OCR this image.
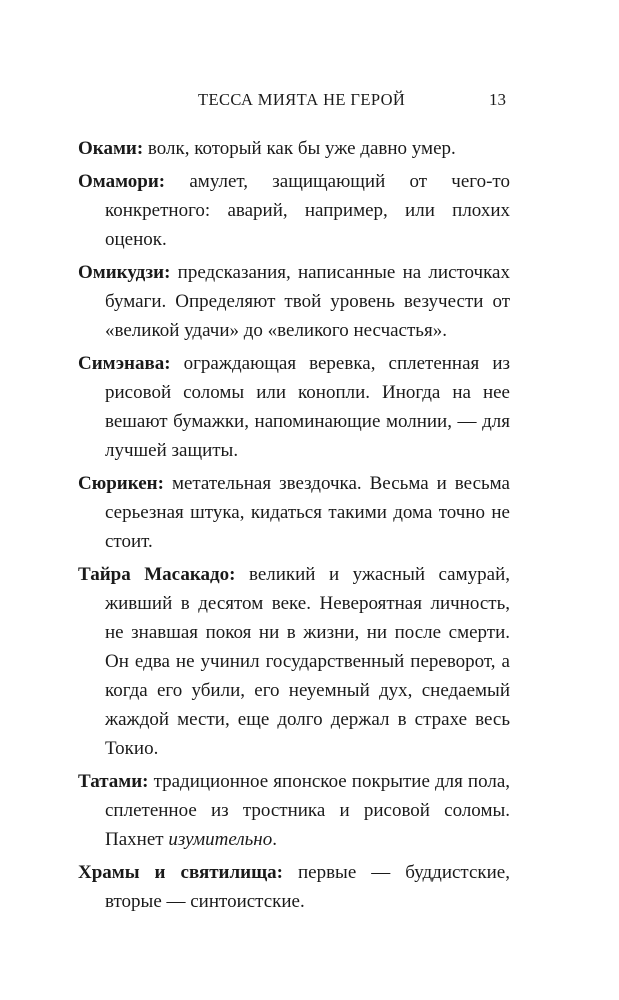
ТЕССА МИЯТА НЕ ГЕРОЙ	13

Оками: волк, который как бы уже давно умер.

Омамори: амулет, защищающий от чего-то конкретного: аварий, например, или плохих оценок.

Омикудзи: предсказания, написанные на листочках бумаги. Определяют твой уровень везучести от «великой удачи» до «великого несчастья».

Симэнава: ограждающая веревка, сплетенная из рисовой соломы или конопли. Иногда на нее вешают бумажки, напоминающие молнии, — для лучшей защиты.

Сюрикен: метательная звездочка. Весьма и весьма серьезная штука, кидаться такими дома точно не стоит.

Тайра Масакадо: великий и ужасный самурай, живший в десятом веке. Невероятная личность, не знавшая покоя ни в жизни, ни после смерти. Он едва не учинил государственный переворот, а когда его убили, его неуемный дух, снедаемый жаждой мести, еще долго держал в страхе весь Токио.

Татами: традиционное японское покрытие для пола, сплетенное из тростника и рисовой соломы. Пахнет изумительно.

Храмы и святилища: первые — буддистские, вторые — синтоистские.
